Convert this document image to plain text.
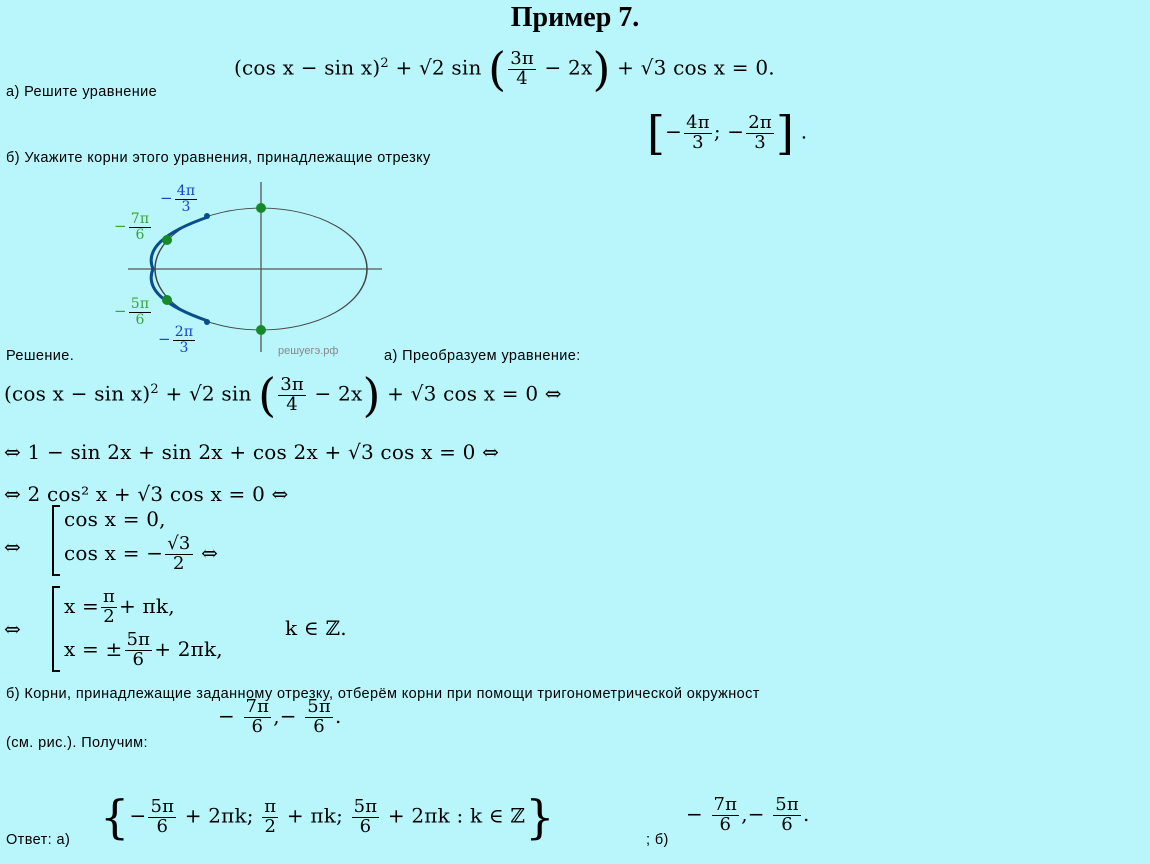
Пример 7.
а) Решите уравнение
(cos x − sin x)$^2$ + √2 sin ( $\frac{3\pi}{4} - 2x) + √3$ cos x = 0.
б) Укажите корни этого уравнения, принадлежащие отрезку	[− $\frac{4\pi}{3}$ ; − $\frac{2\pi}{3}$ ] .
− $\frac{4\pi}{3}$
− $\frac{7\pi}{6}$
− $\frac{5\pi}{6}$
− $\frac{2\pi}{3}$	решуегэ.рф
Решение.	а) Преобразуем уравнение:
(cos x − sin x)$^2$ + √2 sin ( $\frac{3\pi}{4} - 2x) + √3$ cos x = 0 ⇔
⇔ 1 − sin 2x + sin 2x + cos 2x + √3 cos x = 0 ⇔
⇔ 2 cos² x + √3 cos x = 0 ⇔
⇔
cos x = 0,
cos x = − $\frac{√3}{2}$ ⇔
⇔
$x = \frac{\pi}{2} + \pi k$,
x = ± $\frac{5\pi}{6} + 2\pi k$,
k ∈ ℤ.
б) Корни, принадлежащие заданному отрезку, отберём корни при помощи тригонометрической окружност
(см. рис.). Получим:
− $\frac{7\pi}{6}$ ,− $\frac{5\pi}{6}$ .
Ответ: а) {− $\frac{5\pi}{6} + 2\pi k$; $\frac{\pi}{2} + \pi k$; $\frac{5\pi}{6} + 2\pi k$ : k ∈ ℤ}	; б)
− $\frac{7\pi}{6}$ ,− $\frac{5\pi}{6}$ .
